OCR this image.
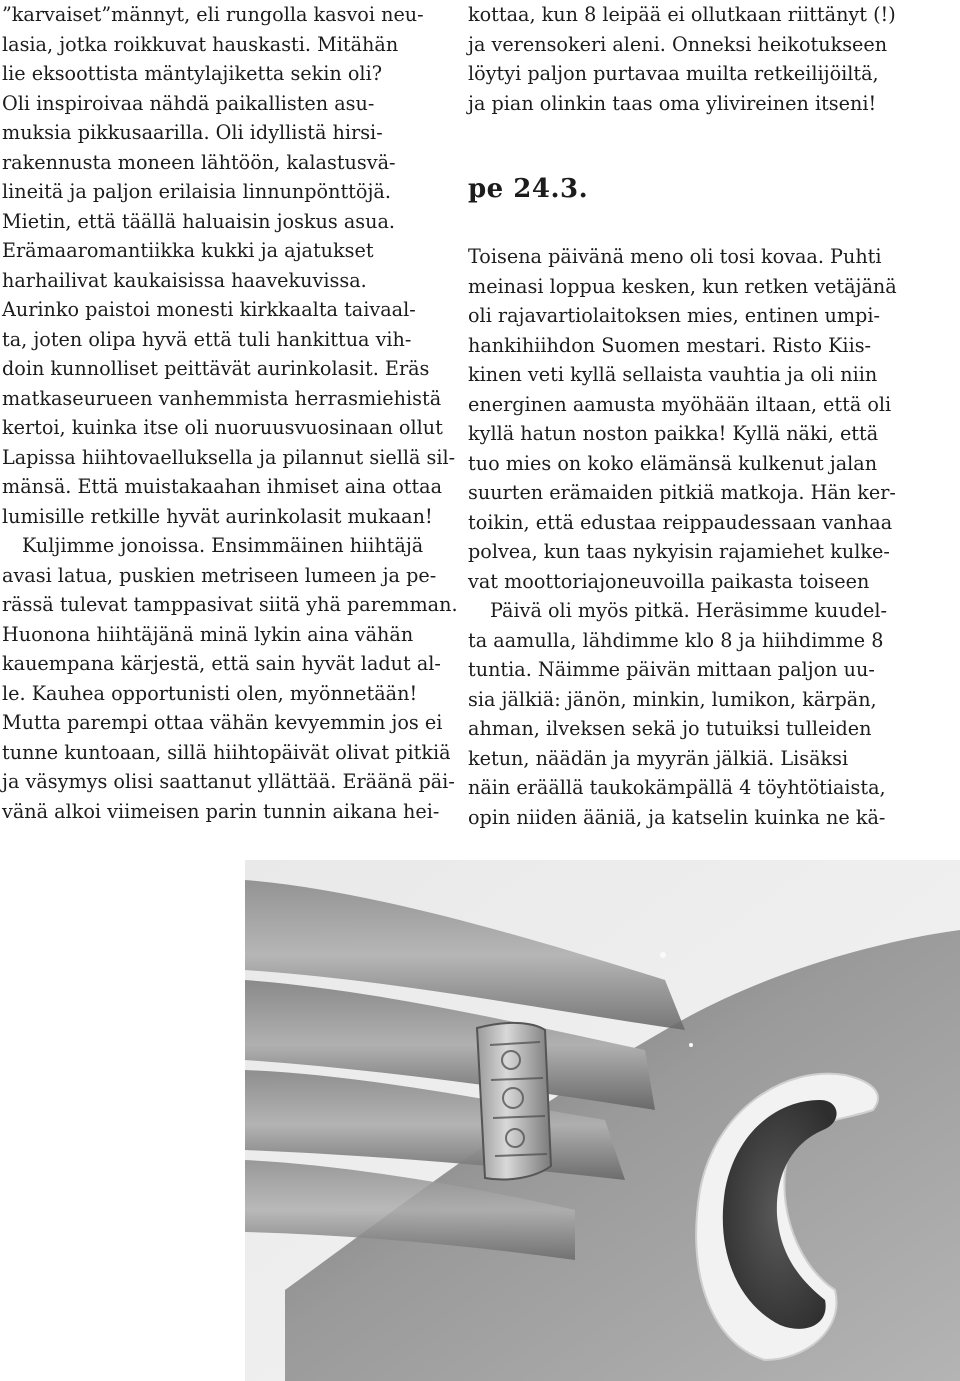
”karvaiset”männyt, eli rungolla kasvoi neu-
lasia, jotka roikkuvat hauskasti. Mitähän
lie eksoottista mäntylajiketta sekin oli?
Oli inspiroivaa nähdä paikallisten asu-
muksia pikkusaarilla. Oli idyllistä hirsi-
rakennusta moneen lähtöön, kalastusvä-
lineitä ja paljon erilaisia linnunpönttöjä.
Mietin, että täällä haluaisin joskus asua.
Erämaaromantiikka kukki ja ajatukset
harhailivat kaukaisissa haavekuvissa.
Aurinko paistoi monesti kirkkaalta taivaal-
ta, joten olipa hyvä että tuli hankittua vih-
doin kunnolliset peittävät aurinkolasit. Eräs
matkaseurueen vanhemmista herrasmiehistä
kertoi, kuinka itse oli nuoruusvuosinaan ollut
Lapissa hiihtovaelluksella ja pilannut siellä sil-
mänsä. Että muistakaahan ihmiset aina ottaa
lumisille retkille hyvät aurinkolasit mukaan!
Kuljimme jonoissa. Ensimmäinen hiihtäjä
avasi latua, puskien metriseen lumeen ja pe-
rässä tulevat tamppasivat siitä yhä paremman.
Huonona hiihtäjänä minä lykin aina vähän
kauempana kärjestä, että sain hyvät ladut al-
le. Kauhea opportunisti olen, myönnetään!
Mutta parempi ottaa vähän kevyemmin jos ei
tunne kuntoaan, sillä hiihtopäivät olivat pitkiä
ja väsymys olisi saattanut yllättää. Eräänä päi-
vänä alkoi viimeisen parin tunnin aikana hei-
kottaa, kun 8 leipää ei ollutkaan riittänyt (!)
ja verensokeri aleni. Onneksi heikotukseen
löytyi paljon purtavaa muilta retkeilijöiltä,
ja pian olinkin taas oma ylivireinen itseni!
pe 24.3.
Toisena päivänä meno oli tosi kovaa. Puhti
meinasi loppua kesken, kun retken vetäjänä
oli rajavartiolaitoksen mies, entinen umpi-
hankihiihdon Suomen mestari. Risto Kiis-
kinen veti kyllä sellaista vauhtia ja oli niin
energinen aamusta myöhään iltaan, että oli
kyllä hatun noston paikka! Kyllä näki, että
tuo mies on koko elämänsä kulkenut jalan
suurten erämaiden pitkiä matkoja. Hän ker-
toikin, että edustaa reippaudessaan vanhaa
polvea, kun taas nykyisin rajamiehet kulke-
vat moottoriajoneuvoilla paikasta toiseen
Päivä oli myös pitkä. Heräsimme kuudel-
ta aamulla, lähdimme klo 8 ja hiihdimme 8
tuntia. Näimme päivän mittaan paljon uu-
sia jälkiä: jänön, minkin, lumikon, kärpän,
ahman, ilveksen sekä jo tutuiksi tulleiden
ketun, näädän ja myyrän jälkiä. Lisäksi
näin eräällä taukokämpällä 4 töyhtötiaista,
opin niiden ääniä, ja katselin kuinka ne kä-
